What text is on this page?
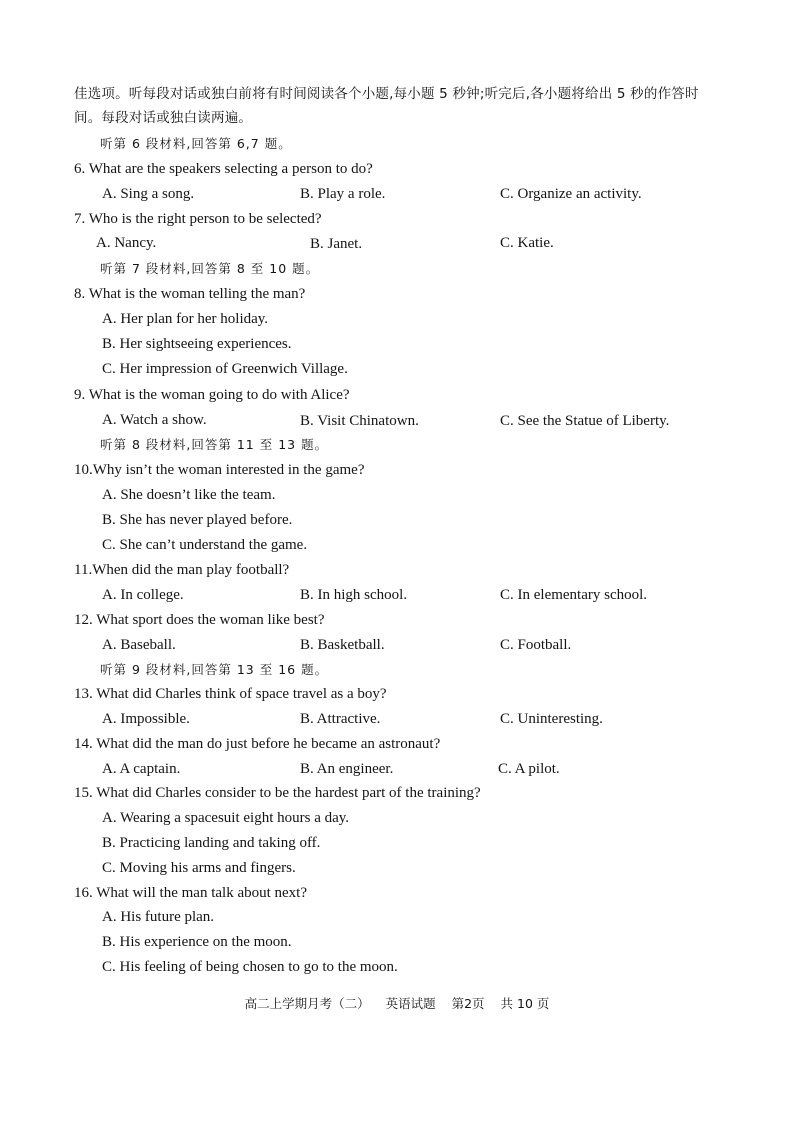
佳选项。听每段对话或独白前将有时间阅读各个小题,每小题 5 秒钟;听完后,各小题将给出 5 秒的作答时
间。每段对话或独白读两遍。
听第 6 段材料,回答第 6,7 题。
6. What are the speakers selecting a person to do?
A. Sing a song.	B. Play a role.	C. Organize an activity.
7. Who is the right person to be selected?
A. Nancy.	B. Janet.	C. Katie.
听第 7 段材料,回答第 8 至 10 题。
8. What is the woman telling the man?
A. Her plan for her holiday.
B. Her sightseeing experiences.
C. Her impression of Greenwich Village.
9. What is the woman going to do with Alice?
A. Watch a show.	B. Visit Chinatown.	C. See the Statue of Liberty.
听第 8 段材料,回答第 11 至 13 题。
10.Why isn’t the woman interested in the game?
A. She doesn’t like the team.
B. She has never played before.
C. She can’t understand the game.
11.When did the man play football?
A. In college.	B. In high school.	C. In elementary school.
12. What sport does the woman like best?
A. Baseball.	B. Basketball.	C. Football.
听第 9 段材料,回答第 13 至 16 题。
13. What did Charles think of space travel as a boy?
A. Impossible.	B. Attractive.	C. Uninteresting.
14. What did the man do just before he became an astronaut?
A. A captain.	B. An engineer.	C. A pilot.
15. What did Charles consider to be the hardest part of the training?
A. Wearing a spacesuit eight hours a day.
B. Practicing landing and taking off.
C. Moving his arms and fingers.
16. What will the man talk about next?
A. His future plan.
B. His experience on the moon.
C. His feeling of being chosen to go to the moon.
高二上学期月考（二） 英语试题 第2页 共 10 页
